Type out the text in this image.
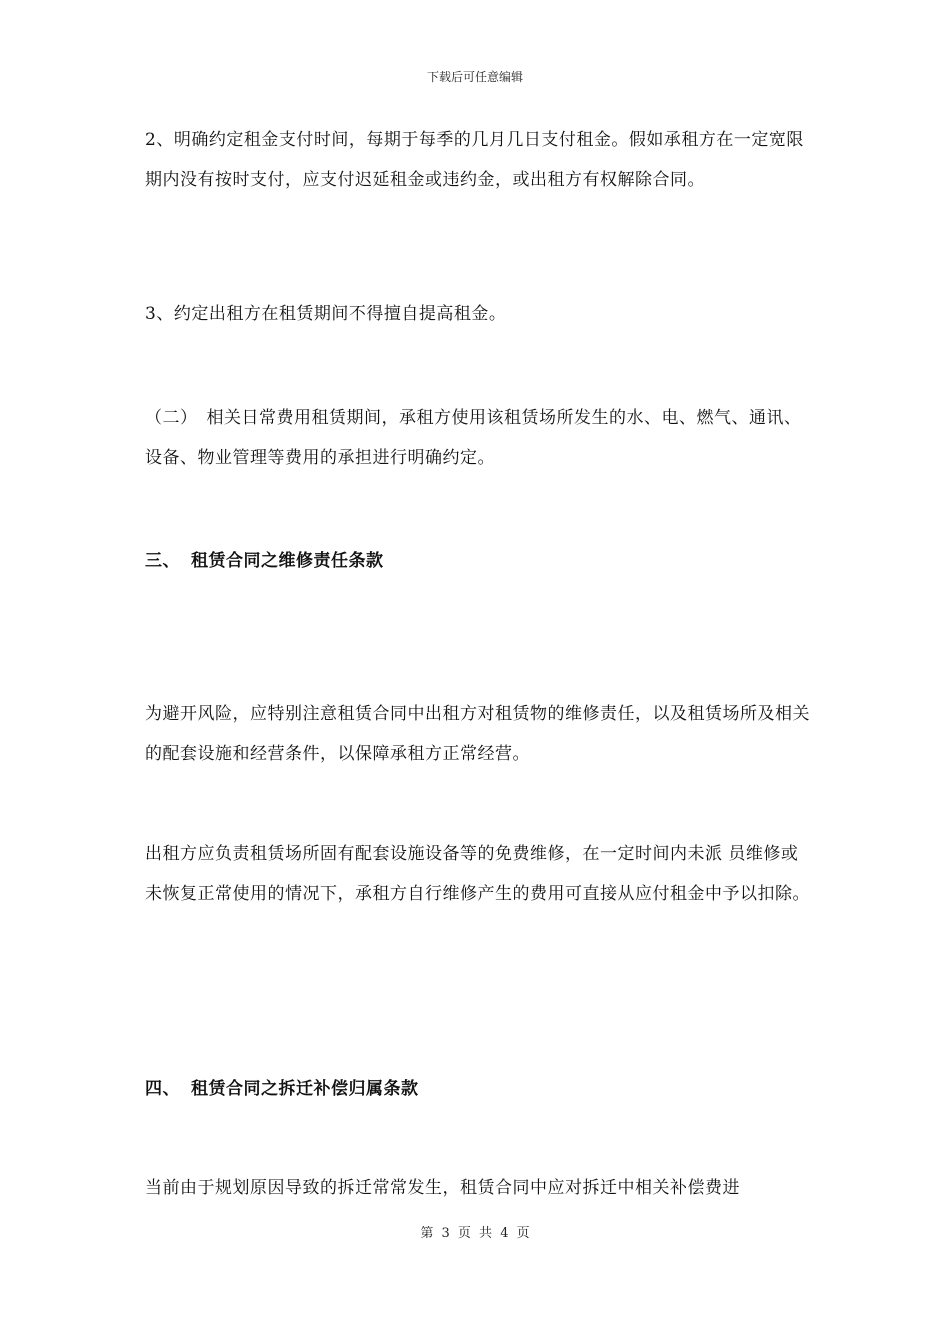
下载后可任意编辑

2、明确约定租金支付时间，每期于每季的几月几日支付租金。假如承租方在一定宽限期内没有按时支付，应支付迟延租金或违约金，或出租方有权解除合同。

3、约定出租方在租赁期间不得擅自提高租金。

（二）　相关日常费用租赁期间，承租方使用该租赁场所发生的水、电、燃气、通讯、设备、物业管理等费用的承担进行明确约定。

三、 租赁合同之维修责任条款

为避开风险，应特别注意租赁合同中出租方对租赁物的维修责任，以及租赁场所及相关的配套设施和经营条件，以保障承租方正常经营。

出租方应负责租赁场所固有配套设施设备等的免费维修，在一定时间内未派 员维修或未恢复正常使用的情况下，承租方自行维修产生的费用可直接从应付租金中予以扣除。

四、 租赁合同之拆迁补偿归属条款

当前由于规划原因导致的拆迁常常发生，租赁合同中应对拆迁中相关补偿费进

第 3 页 共 4 页
